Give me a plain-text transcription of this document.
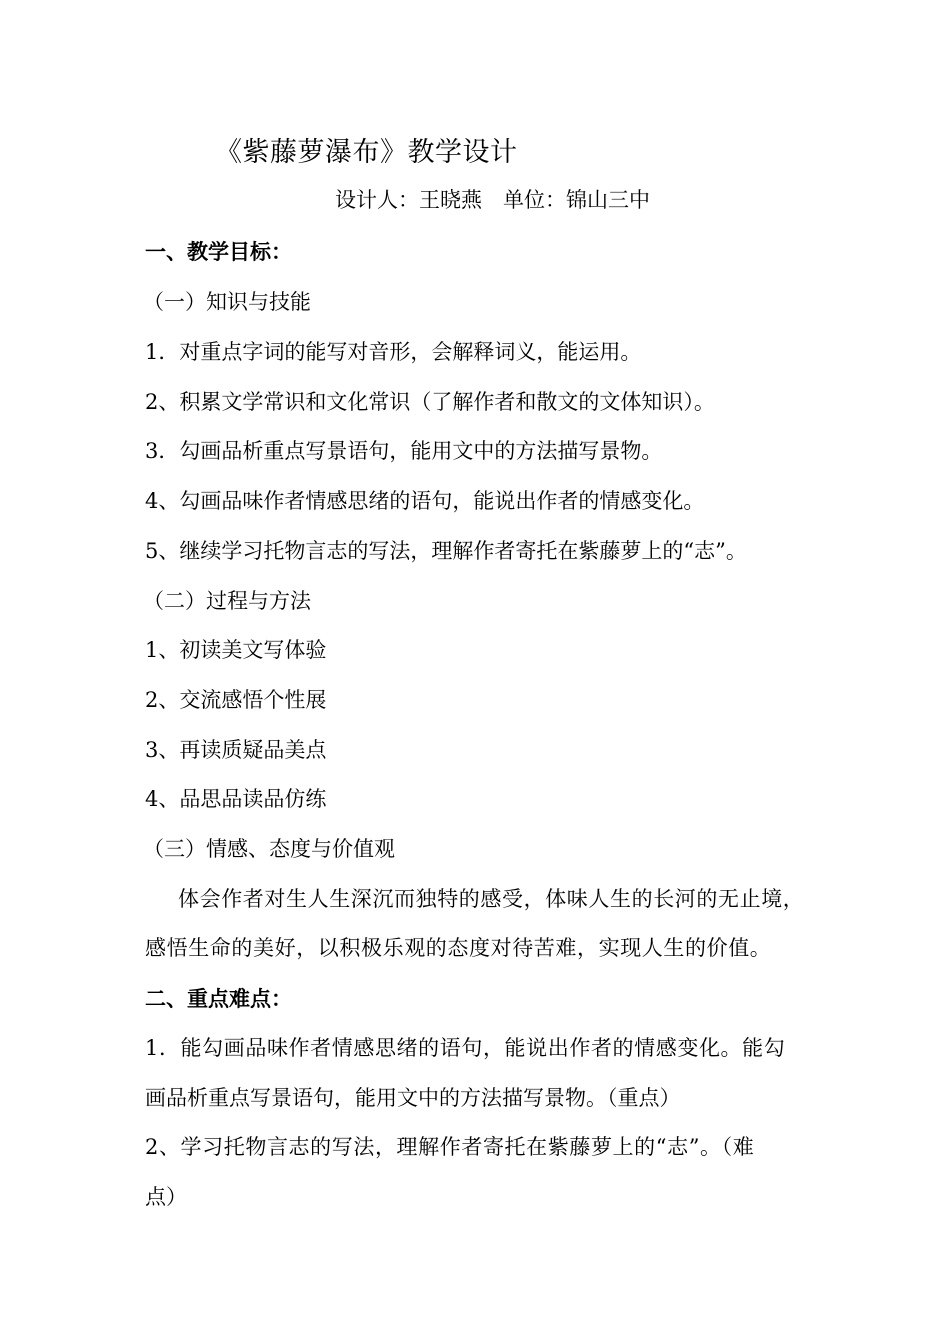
《紫藤萝瀑布》教学设计
设计人：王晓燕　单位：锦山三中
一、教学目标：
（一）知识与技能
1．对重点字词的能写对音形，会解释词义，能运用。
2、积累文学常识和文化常识（了解作者和散文的文体知识）。
3．勾画品析重点写景语句，能用文中的方法描写景物。
4、勾画品味作者情感思绪的语句，能说出作者的情感变化。
5、继续学习托物言志的写法，理解作者寄托在紫藤萝上的“志”。
（二）过程与方法
1、初读美文写体验
2、交流感悟个性展
3、再读质疑品美点
4、品思品读品仿练
（三）情感、态度与价值观
体会作者对生人生深沉而独特的感受，体味人生的长河的无止境，
感悟生命的美好，以积极乐观的态度对待苦难，实现人生的价值。
二、重点难点：
1．能勾画品味作者情感思绪的语句，能说出作者的情感变化。能勾
画品析重点写景语句，能用文中的方法描写景物。（重点）
2、学习托物言志的写法，理解作者寄托在紫藤萝上的“志”。（难
点）
